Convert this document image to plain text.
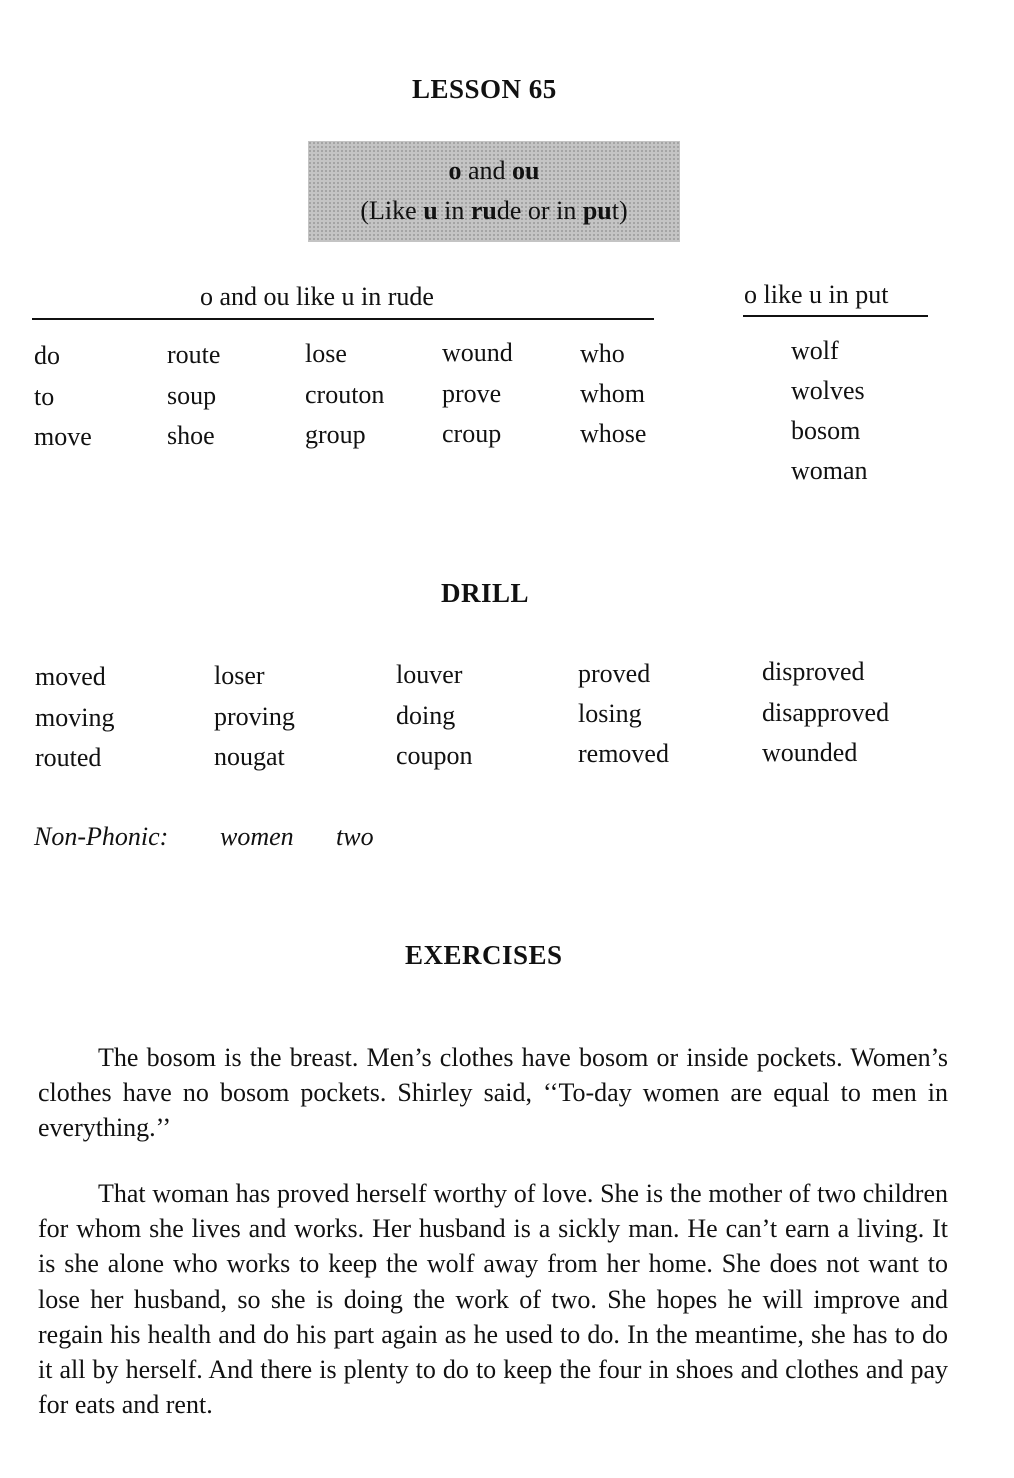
LESSON 65
o and ou
(Like u in rude or in put)
o and ou like u in rude	o like u in put
do
to
move
route
soup
shoe
lose
crouton
group
wound
prove
croup
who
whom
whose
wolf
wolves
bosom
woman
DRILL
moved
moving
routed
loser
proving
nougat
louver
doing
coupon
proved
losing
removed
disproved
disapproved
wounded
Non-Phonic: women two
EXERCISES

The bosom is the breast. Men’s clothes have bosom or inside pockets. Women’s clothes have no bosom pockets. Shirley said, ‘‘To-day women are equal to men in everything.’’

That woman has proved herself worthy of love. She is the mother of two children for whom she lives and works. Her husband is a sickly man. He can’t earn a living. It is she alone who works to keep the wolf away from her home. She does not want to lose her husband, so she is doing the work of two. She hopes he will improve and regain his health and do his part again as he used to do. In the meantime, she has to do it all by herself. And there is plenty to do to keep the four in shoes and clothes and pay for eats and rent.
